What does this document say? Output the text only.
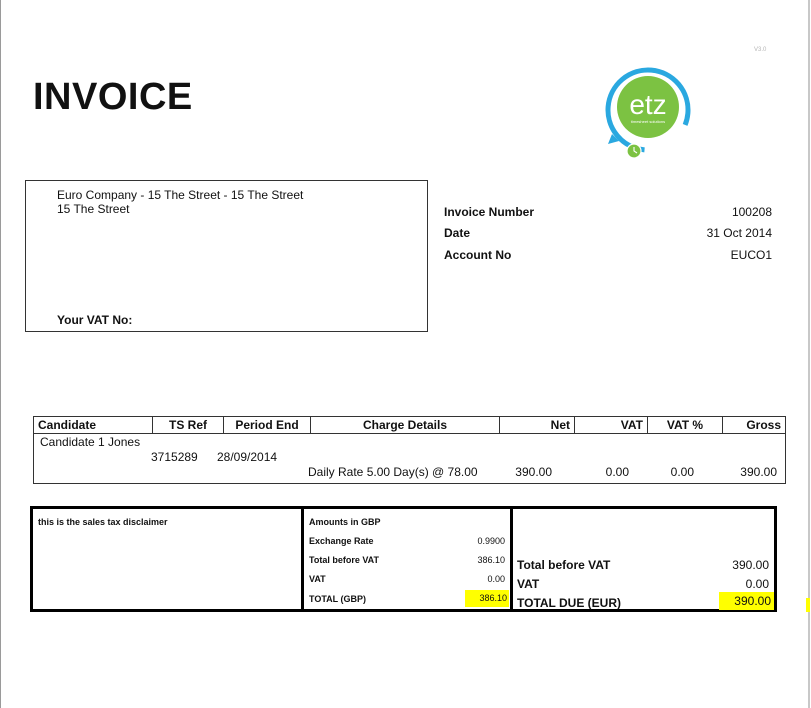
V3.0
INVOICE	etz
timesheet solutions
Euro Company - 15 The Street - 15 The Street
15 The Street
Your VAT No:
Invoice Number	100208
Date	31 Oct 2014
Account No	EUCO1
Candidate	TS Ref	Period End	Charge Details	Net	VAT	VAT %	Gross
Candidate 1 Jones
3715289 28/09/2014
Daily Rate 5.00 Day(s) @ 78.00	390.00	0.00	0.00	390.00
this is the sales tax disclaimer	Amounts in GBP
Exchange Rate	0.9900
Total before VAT	386.10
VAT	0.00
TOTAL (GBP)	386.10
Total before VAT	390.00
VAT	0.00
TOTAL DUE (EUR)	390.00
